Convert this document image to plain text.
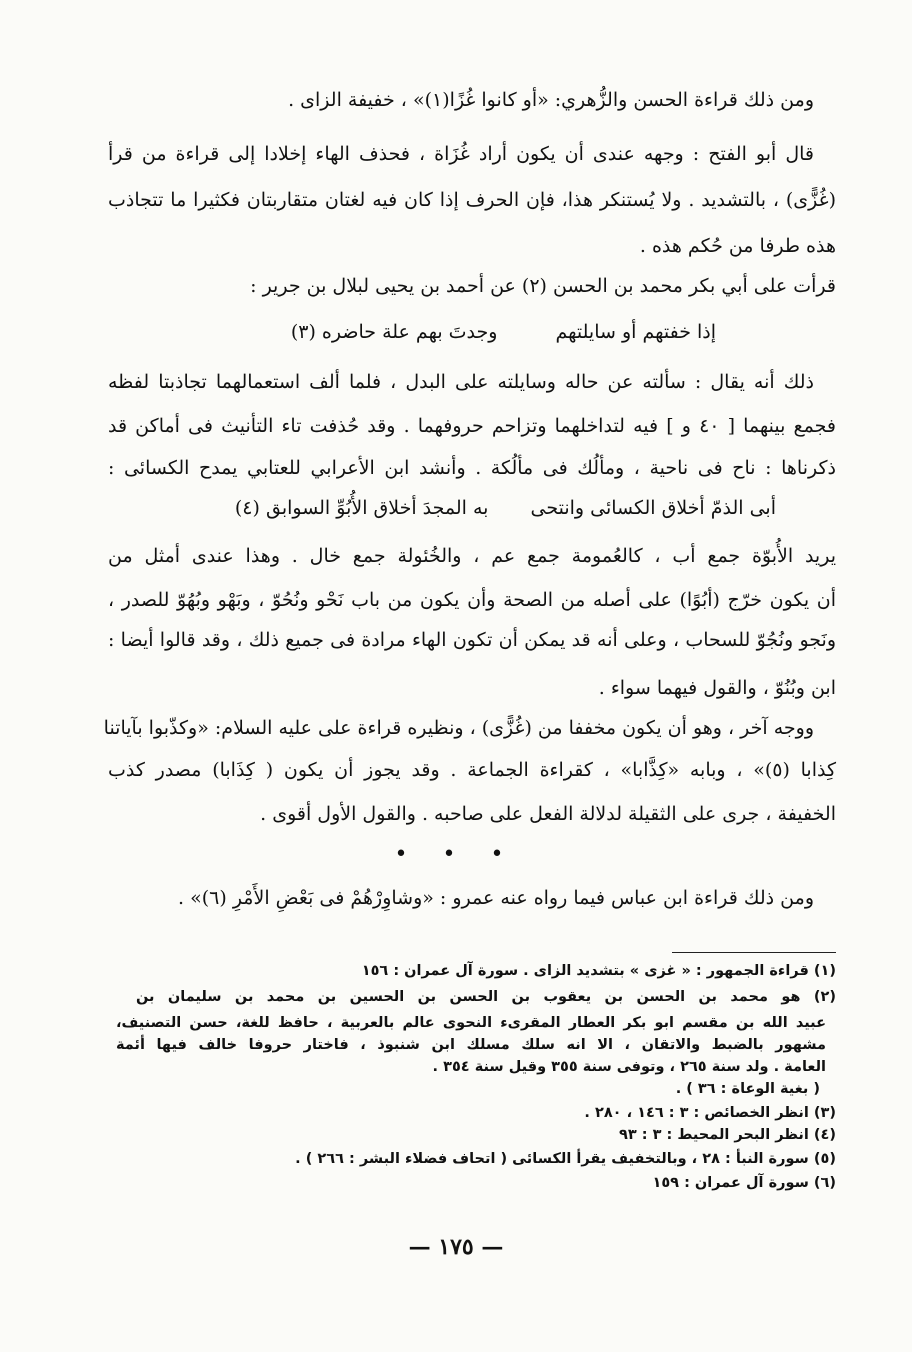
ومن ذلك قراءة الحسن والزُّهري: «أو كانوا غُزًا(١)» ، خفيفة الزاى .
قال أبو الفتح : وجهه عندى أن يكون أراد غُزَاة ، فحذف الهاء إخلادا إلى قراءة من قرأ
(غُزًّى) ، بالتشديد . ولا يُستنكر هذا، فإن الحرف إذا كان فيه لغتان متقاربتان فكثيرا ما تتجاذب
هذه طرفا من حُكم هذه .
قرأت على أبي بكر محمد بن الحسن (٢) عن أحمد بن يحيى لبلال بن جرير :
إذا خفتهم أو سايلتهم وجدتَ بهم علة حاضره (٣)
ذلك أنه يقال : سألته عن حاله وسايلته على البدل ، فلما ألف استعمالهما تجاذبتا لفظه
فجمع بينهما [ ٤٠ و ] فيه لتداخلهما وتزاحم حروفهما . وقد حُذفت تاء التأنيث فى أماكن قد
ذكرناها : ناح فى ناحية ، ومألُك فى مألُكة . وأنشد ابن الأعرابي للعتابي يمدح الكسائى :
أبى الذمّ أخلاق الكسائى وانتحى به المجدَ أخلاق الأُبُوِّ السوابق (٤)
يريد الأُبوّة جمع أب ، كالعُمومة جمع عم ، والخُئولة جمع خال . وهذا عندى أمثل من
أن يكون خرّج (أبُوًا) على أصله من الصحة وأن يكون من باب نَحْو ونُحُوّ ، وبَهْو وبُهُوّ للصدر ،
ونَجو ونُجُوّ للسحاب ، وعلى أنه قد يمكن أن تكون الهاء مرادة فى جميع ذلك ، وقد قالوا أيضا :
ابن وبُنُوّ ، والقول فيهما سواء .
ووجه آخر ، وهو أن يكون مخففا من (غُزًّى) ، ونظيره قراءة على عليه السلام: «وكذّبوا بآياتنا
كِذابا (٥)» ، وبابه «كِذَّابا» ، كقراءة الجماعة . وقد يجوز أن يكون ( كِذَابا) مصدر كذب
الخفيفة ، جرى على الثقيلة لدلالة الفعل على صاحبه . والقول الأول أقوى .
ومن ذلك قراءة ابن عباس فيما رواه عنه عمرو : «وشاوِرْهُمْ فى بَعْضِ الأَمْرِ (٦)» .
• • •
(١) قراءة الجمهور : « غزى » بتشديد الزاى . سورة آل عمران : ١٥٦
(٢) هو محمد بن الحسن بن يعقوب بن الحسن بن الحسين بن محمد بن سليمان بن
عبيد الله بن مقسم ابو بكر العطار المقرىء النحوى عالم بالعربية ، حافظ للغة، حسن التصنيف،
مشهور بالضبط والاتقان ، الا انه سلك مسلك ابن شنبوذ ، فاختار حروفا خالف فيها أئمة
العامة . ولد سنة ٢٦٥ ، وتوفى سنة ٣٥٥ وقيل سنة ٣٥٤ .
( بغية الوعاة : ٣٦ ) .
(٣) انظر الخصائص : ٣ : ١٤٦ ، ٢٨٠ .
(٤) انظر البحر المحيط : ٣ : ٩٣
(٥) سورة النبأ : ٢٨ ، وبالتخفيف يقرأ الكسائى ( اتحاف فضلاء البشر : ٢٦٦ ) .
(٦) سورة آل عمران : ١٥٩
— ١٧٥ —
